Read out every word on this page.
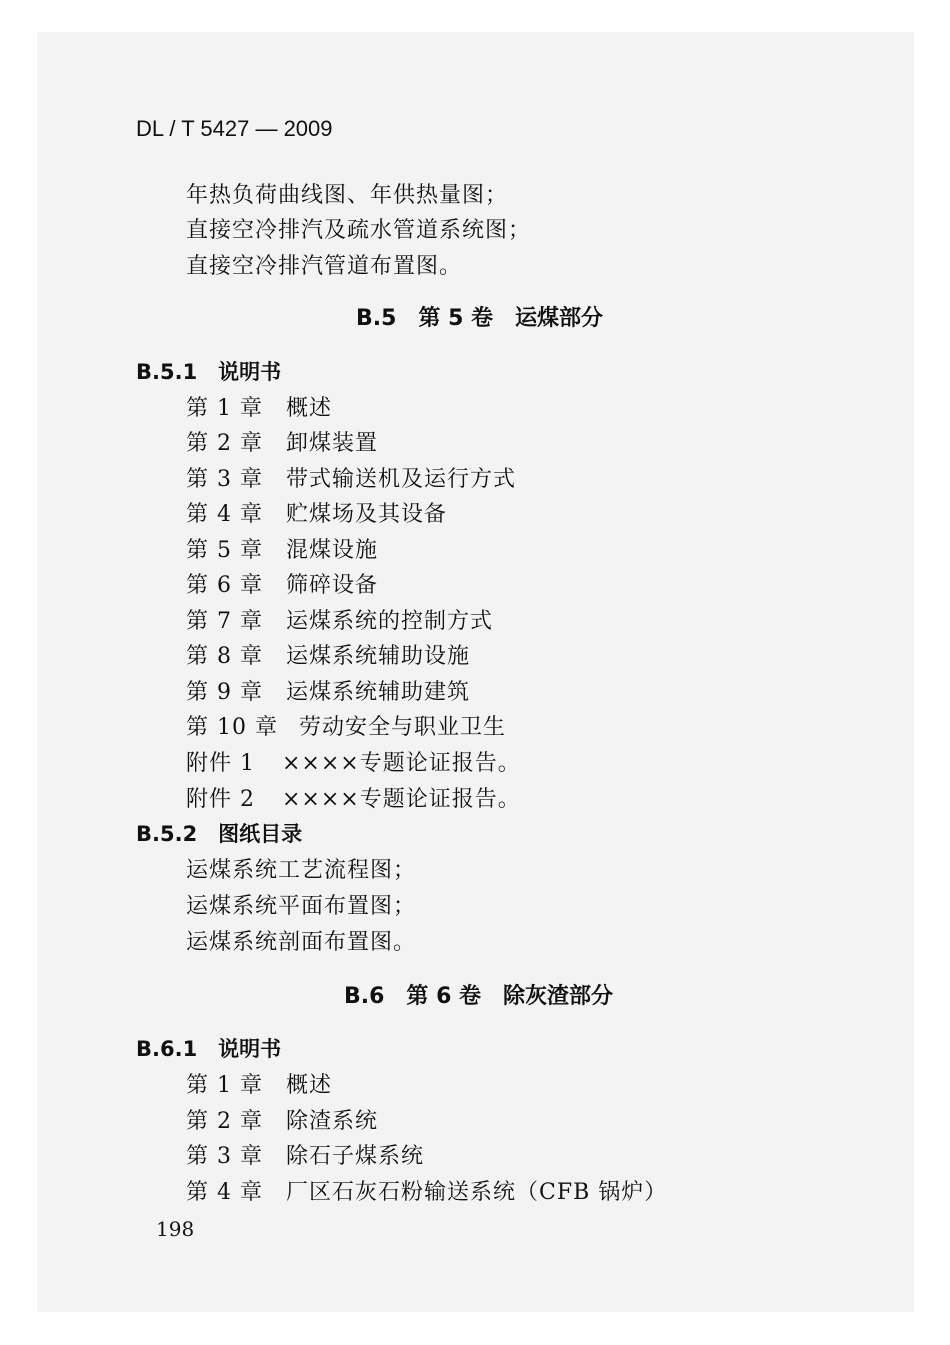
DL / T 5427 — 2009
年热负荷曲线图、年供热量图；
直接空冷排汽及疏水管道系统图；
直接空冷排汽管道布置图。
B.5　第 5 卷　运煤部分
B.5.1　说明书
第 1 章 概述
第 2 章 卸煤装置
第 3 章 带式输送机及运行方式
第 4 章 贮煤场及其设备
第 5 章 混煤设施
第 6 章 筛碎设备
第 7 章 运煤系统的控制方式
第 8 章 运煤系统辅助设施
第 9 章 运煤系统辅助建筑
第 10 章 劳动安全与职业卫生
附件 1 ××××专题论证报告。
附件 2 ××××专题论证报告。
B.5.2　图纸目录
运煤系统工艺流程图；
运煤系统平面布置图；
运煤系统剖面布置图。
B.6　第 6 卷　除灰渣部分
B.6.1　说明书
第 1 章 概述
第 2 章 除渣系统
第 3 章 除石子煤系统
第 4 章 厂区石灰石粉输送系统（CFB 锅炉）
198
